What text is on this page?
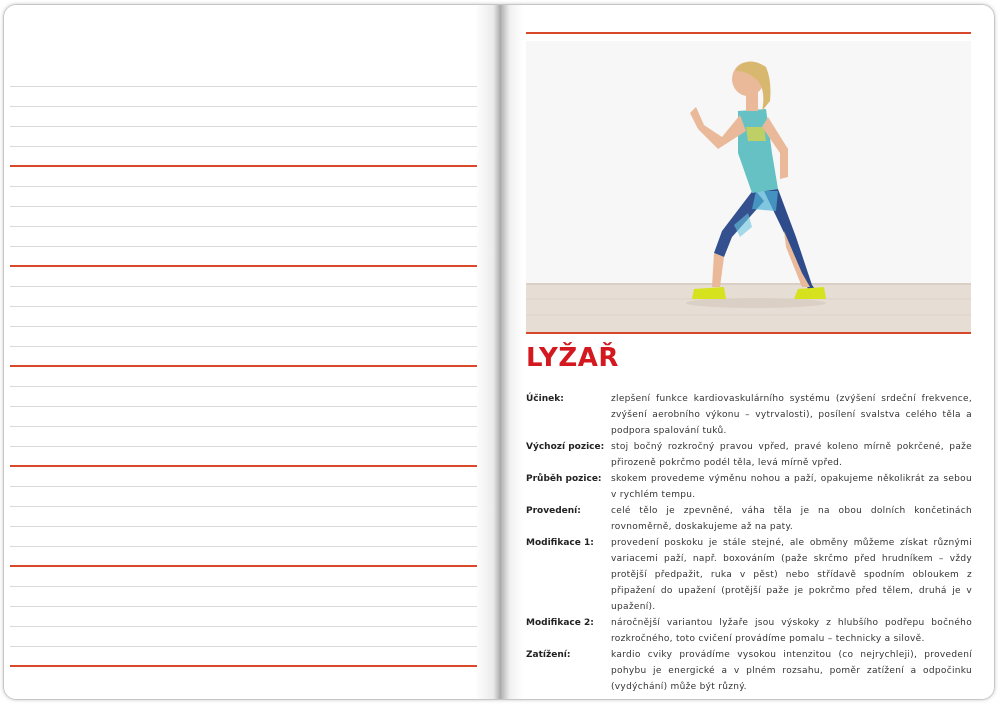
LYŽAŘ
Účinek:	zlepšení funkce kardiovaskulárního systému (zvýšení srdeční frekvence, zvýšení aerobního výkonu – vytrvalosti), posílení svalstva celého těla a podpora spalování tuků.
Výchozí pozice: stoj bočný rozkročný pravou vpřed, pravé koleno mírně pokrčené, paže přirozeně pokrčmo podél těla, levá mírně vpřed.
Průběh pozice:	skokem provedeme výměnu nohou a paží, opakujeme několikrát za sebou v rychlém tempu.
Provedení:	celé tělo je zpevněné, váha těla je na obou dolních končetinách rovnoměrně, doskakujeme až na paty.
Modifikace 1:	provedení poskoku je stále stejné, ale obměny můžeme získat různými variacemi paží, např. boxováním (paže skrčmo před hrudníkem – vždy protější předpažit, ruka v pěst) nebo střídavě spodním obloukem z připažení do upažení (protější paže je pokrčmo před tělem, druhá je v upažení).
Modifikace 2:	náročnější variantou lyžaře jsou výskoky z hlubšího podřepu bočného rozkročného, toto cvičení provádíme pomalu – technicky a silově.
Zatížení:	kardio cviky provádíme vysokou intenzitou (co nejrychleji), provedení pohybu je energické a v plném rozsahu, poměr zatížení a odpočinku (vydýchání) může být různý.
